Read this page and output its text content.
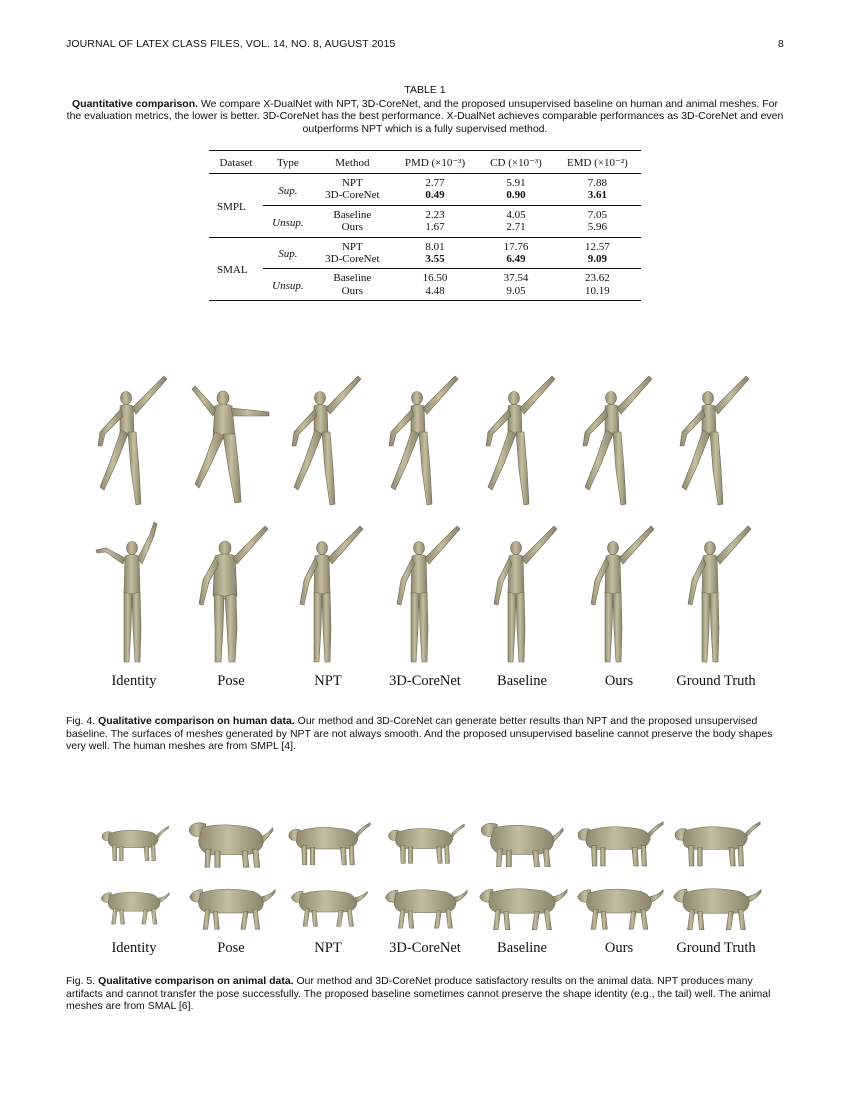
JOURNAL OF LATEX CLASS FILES, VOL. 14, NO. 8, AUGUST 2015	8
TABLE 1
Quantitative comparison. We compare X-DualNet with NPT, 3D-CoreNet, and the proposed unsupervised baseline on human and animal meshes. For the evaluation metrics, the lower is better. 3D-CoreNet has the best performance. X-DualNet achieves comparable performances as 3D-CoreNet and even outperforms NPT which is a fully supervised method.
Dataset	Type	Method	PMD (×10⁻³)	CD (×10⁻³)	EMD (×10⁻²)
SMPL	Sup.	NPT	2.77	5.91	7.88
		3D-CoreNet	0.49	0.90	3.61
	Unsup.	Baseline	2.23	4.05	7.05
		Ours	1.67	2.71	5.96
SMAL	Sup.	NPT	8.01	17.76	12.57
		3D-CoreNet	3.55	6.49	9.09
	Unsup.	Baseline	16.50	37.54	23.62
		Ours	4.48	9.05	10.19
Identity	Pose	NPT	3D-CoreNet	Baseline	Ours	Ground Truth
Fig. 4. Qualitative comparison on human data. Our method and 3D-CoreNet can generate better results than NPT and the proposed unsupervised baseline. The surfaces of meshes generated by NPT are not always smooth. And the proposed unsupervised baseline cannot preserve the body shapes very well. The human meshes are from SMPL [4].
Identity	Pose	NPT	3D-CoreNet	Baseline	Ours	Ground Truth
Fig. 5. Qualitative comparison on animal data. Our method and 3D-CoreNet produce satisfactory results on the animal data. NPT produces many artifacts and cannot transfer the pose successfully. The proposed baseline sometimes cannot preserve the shape identity (e.g., the tail) well. The animal meshes are from SMAL [6].
